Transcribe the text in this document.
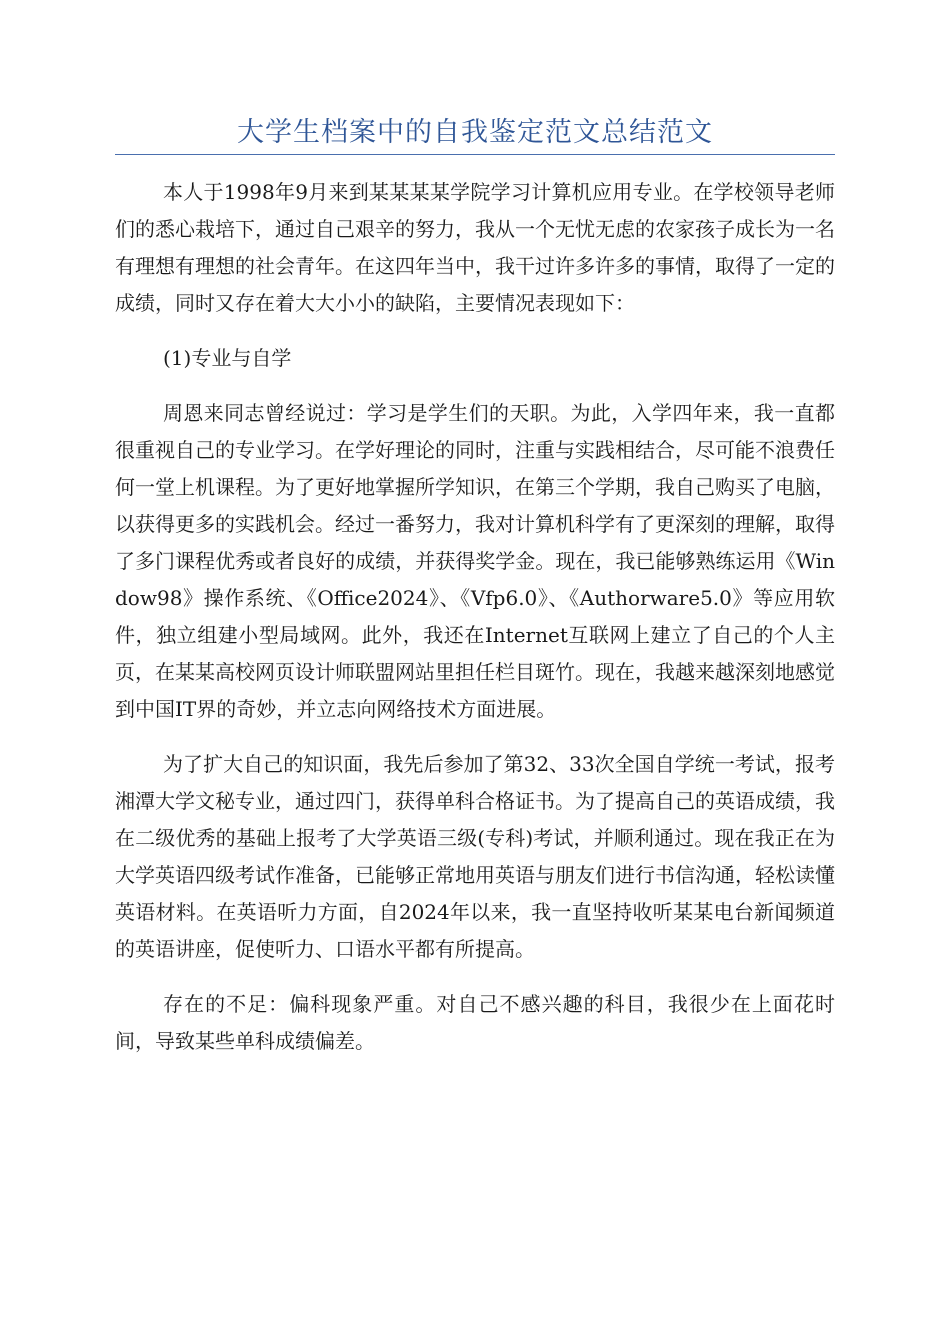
大学生档案中的自我鉴定范文总结范文

本人于1998年9月来到某某某某学院学习计算机应用专业。在学校领导老师们的悉心栽培下，通过自己艰辛的努力，我从一个无忧无虑的农家孩子成长为一名有理想有理想的社会青年。在这四年当中，我干过许多许多的事情，取得了一定的成绩，同时又存在着大大小小的缺陷，主要情况表现如下：

(1)专业与自学

周恩来同志曾经说过：学习是学生们的天职。为此，入学四年来，我一直都很重视自己的专业学习。在学好理论的同时，注重与实践相结合，尽可能不浪费任何一堂上机课程。为了更好地掌握所学知识，在第三个学期，我自己购买了电脑，以获得更多的实践机会。经过一番努力，我对计算机科学有了更深刻的理解，取得了多门课程优秀或者良好的成绩，并获得奖学金。现在，我已能够熟练运用《Window98》操作系统、《Office2024》、《Vfp6.0》、《Authorware5.0》等应用软件，独立组建小型局域网。此外，我还在Internet互联网上建立了自己的个人主页，在某某高校网页设计师联盟网站里担任栏目斑竹。现在，我越来越深刻地感觉到中国IT界的奇妙，并立志向网络技术方面进展。

为了扩大自己的知识面，我先后参加了第32、33次全国自学统一考试，报考湘潭大学文秘专业，通过四门，获得单科合格证书。为了提高自己的英语成绩，我在二级优秀的基础上报考了大学英语三级(专科)考试，并顺利通过。现在我正在为大学英语四级考试作准备，已能够正常地用英语与朋友们进行书信沟通，轻松读懂英语材料。在英语听力方面，自2024年以来，我一直坚持收听某某电台新闻频道的英语讲座，促使听力、口语水平都有所提高。

存在的不足：偏科现象严重。对自己不感兴趣的科目，我很少在上面花时间，导致某些单科成绩偏差。
